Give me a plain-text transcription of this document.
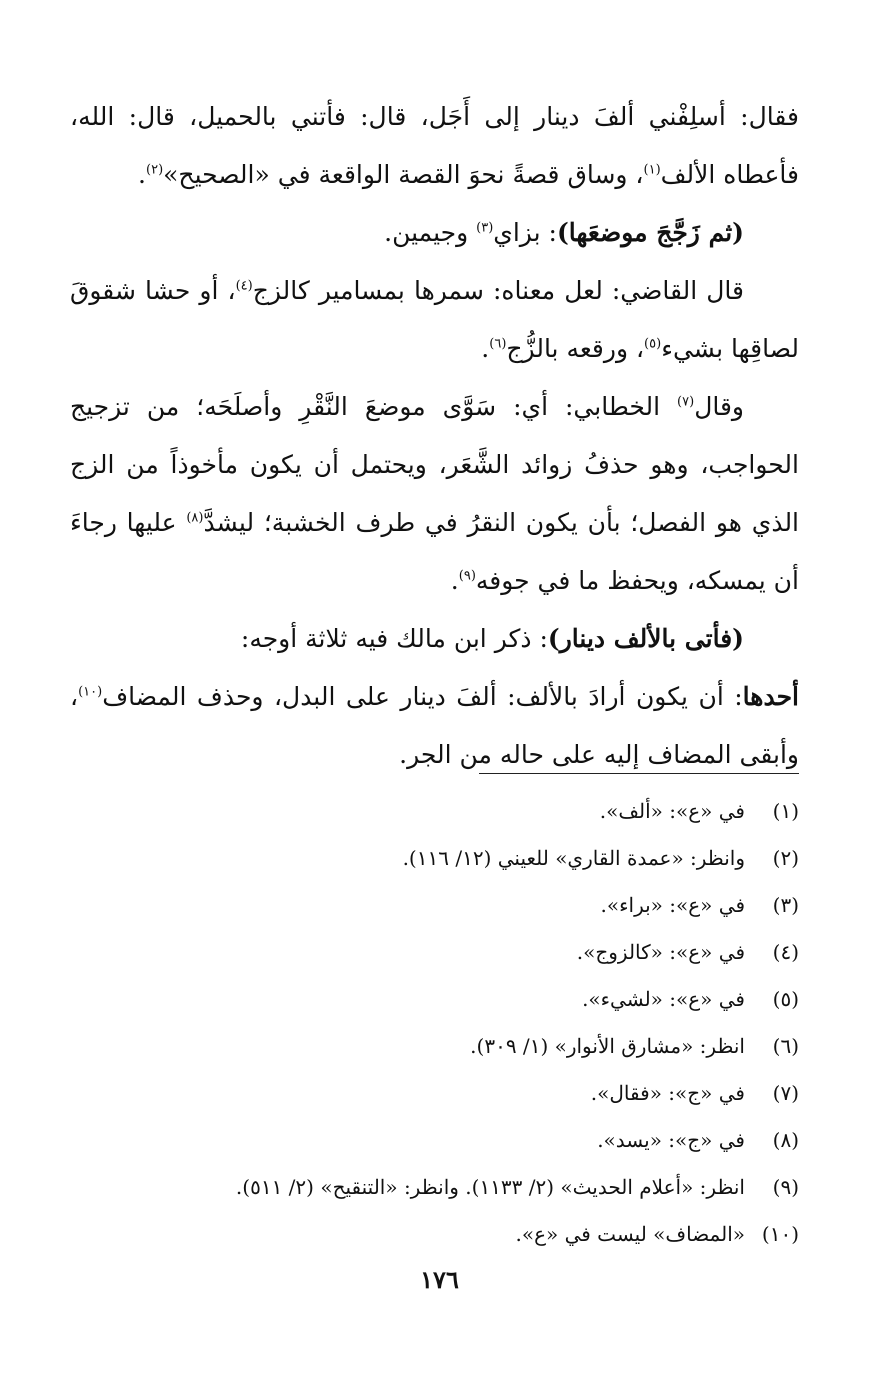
فقال: أسلِفْني ألفَ دينار إلى أَجَل، قال: فأتني بالحميل، قال: الله، فأعطاه الألف$^{(١)}$، وساق قصةً نحوَ القصة الواقعة في «الصحيح»$^{(٢)}$.

(ثم زَجَّجَ موضعَها): بزاي$^{(٣)}$ وجيمين.

قال القاضي: لعل معناه: سمرها بمسامير كالزج$^{(٤)}$، أو حشا شقوقَ لصاقِها بشيء$^{(٥)}$، ورقعه بالزُّج$^{(٦)}$.

وقال$^{(٧)}$ الخطابي: أي: سَوَّى موضعَ النَّقْرِ وأصلَحَه؛ من تزجيج الحواجب، وهو حذفُ زوائد الشَّعَر، ويحتمل أن يكون مأخوذاً من الزج الذي هو الفصل؛ بأن يكون النقرُ في طرف الخشبة؛ ليشدَّ$^{(٨)}$ عليها رجاءَ أن يمسكه، ويحفظ ما في جوفه$^{(٩)}$.

(فأتى بالألف دينار): ذكر ابن مالك فيه ثلاثة أوجه:

أحدها: أن يكون أرادَ بالألف: ألفَ دينار على البدل، وحذف المضاف$^{(١٠)}$، وأبقى المضاف إليه على حاله من الجر.

(١)
في «ع»: «ألف».
(٢)
وانظر: «عمدة القاري» للعيني (١٢/ ١١٦).
(٣)
في «ع»: «براء».
(٤)
في «ع»: «كالزوج».
(٥)
في «ع»: «لشيء».
(٦)
انظر: «مشارق الأنوار» (١/ ٣٠٩).
(٧)
في «ج»: «فقال».
(٨)
في «ج»: «يسد».
(٩)
انظر: «أعلام الحديث» (٢/ ١١٣٣). وانظر: «التنقيح» (٢/ ٥١١).
(١٠)
«المضاف» ليست في «ع».
١٧٦
